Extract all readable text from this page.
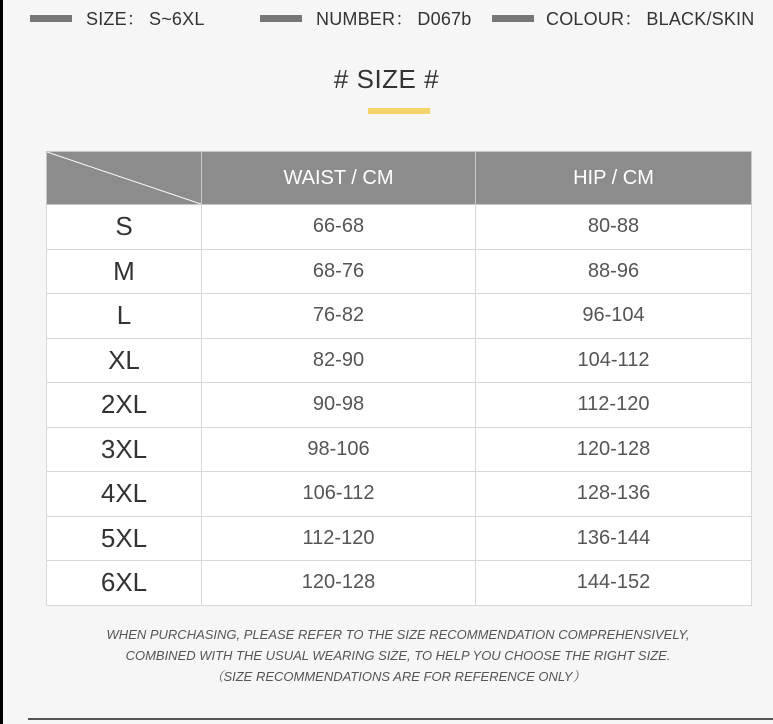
SIZE： S~6XL	NUMBER： D067b	COLOUR： BLACK/SKIN
# SIZE #
	WAIST / CM	HIP / CM
S	66-68	80-88
M	68-76	88-96
L	76-82	96-104
XL	82-90	104-112
2XL	90-98	112-120
3XL	98-106	120-128
4XL	106-112	128-136
5XL	112-120	136-144
6XL	120-128	144-152
WHEN PURCHASING, PLEASE REFER TO THE SIZE RECOMMENDATION COMPREHENSIVELY,
COMBINED WITH THE USUAL WEARING SIZE, TO HELP YOU CHOOSE THE RIGHT SIZE.
（SIZE RECOMMENDATIONS ARE FOR REFERENCE ONLY）
